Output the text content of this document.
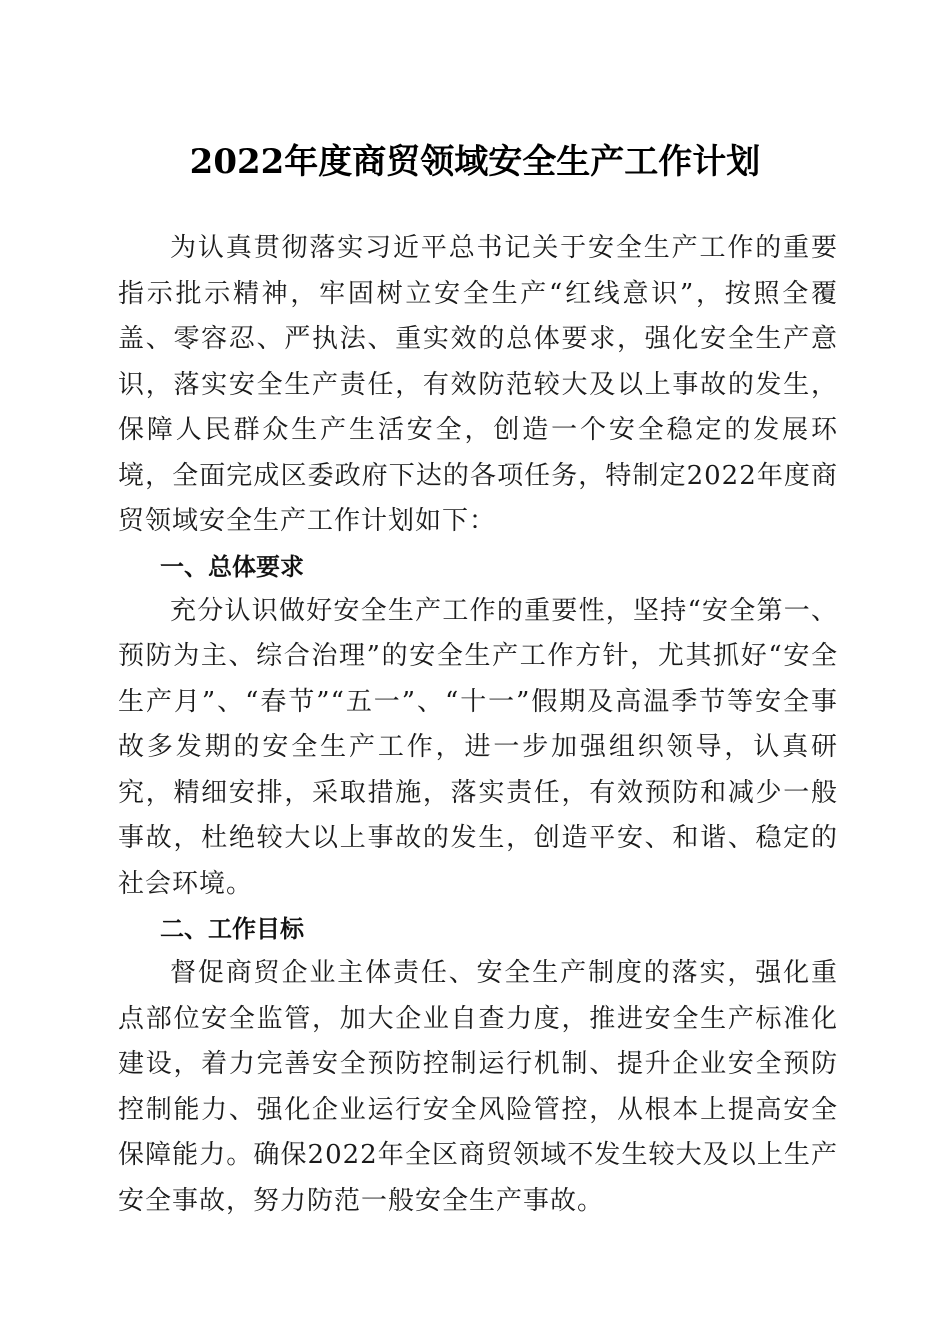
2022年度商贸领域安全生产工作计划

为认真贯彻落实习近平总书记关于安全生产工作的重要指示批示精神，牢固树立安全生产“红线意识”，按照全覆盖、零容忍、严执法、重实效的总体要求，强化安全生产意识，落实安全生产责任，有效防范较大及以上事故的发生，保障人民群众生产生活安全，创造一个安全稳定的发展环境，全面完成区委政府下达的各项任务，特制定2022年度商贸领域安全生产工作计划如下：

一、总体要求

充分认识做好安全生产工作的重要性，坚持“安全第一、预防为主、综合治理”的安全生产工作方针，尤其抓好“安全生产月”、“春节”“五一”、“十一”假期及高温季节等安全事故多发期的安全生产工作，进一步加强组织领导，认真研究，精细安排，采取措施，落实责任，有效预防和减少一般事故，杜绝较大以上事故的发生，创造平安、和谐、稳定的社会环境。

二、工作目标

督促商贸企业主体责任、安全生产制度的落实，强化重点部位安全监管，加大企业自查力度，推进安全生产标准化建设，着力完善安全预防控制运行机制、提升企业安全预防控制能力、强化企业运行安全风险管控，从根本上提高安全保障能力。确保2022年全区商贸领域不发生较大及以上生产安全事故，努力防范一般安全生产事故。
